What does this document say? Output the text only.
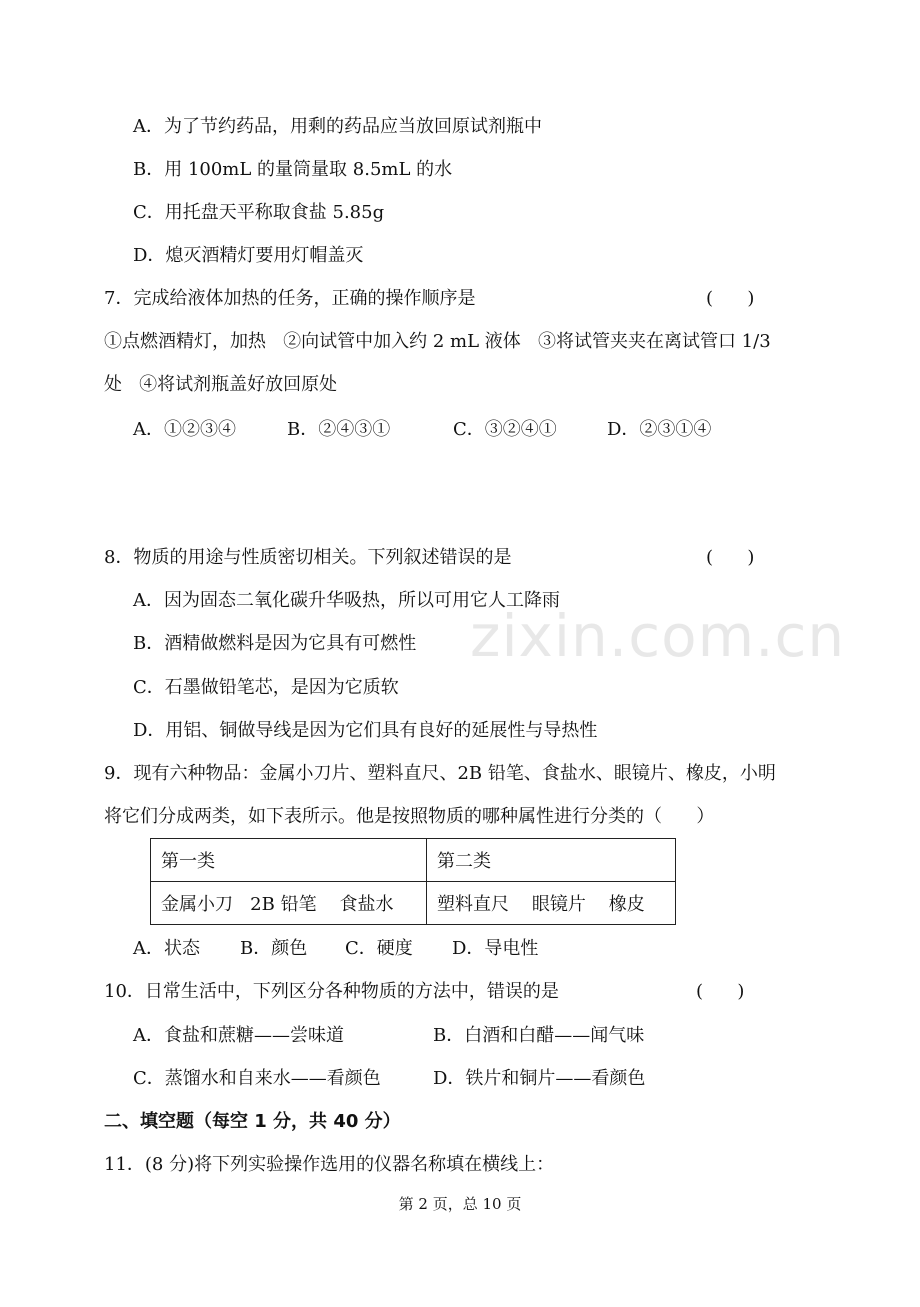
A．为了节约药品，用剩的药品应当放回原试剂瓶中
B．用 100mL 的量筒量取 8.5mL 的水
C．用托盘天平称取食盐 5.85g
D．熄灭酒精灯要用灯帽盖灭
7．完成给液体加热的任务，正确的操作顺序是	(      )
①点燃酒精灯，加热   ②向试管中加入约 2 mL 液体   ③将试管夹夹在离试管口 1/3
处   ④将试剂瓶盖好放回原处
A．①②③④	B．②④③①	C．③②④①	D．②③①④
8．物质的用途与性质密切相关。下列叙述错误的是	(      )
A．因为固态二氧化碳升华吸热，所以可用它人工降雨
B．酒精做燃料是因为它具有可燃性
C．石墨做铅笔芯，是因为它质软
D．用铝、铜做导线是因为它们具有良好的延展性与导热性
zixin.com.cn
9．现有六种物品：金属小刀片、塑料直尺、2B 铅笔、食盐水、眼镜片、橡皮，小明
将它们分成两类，如下表所示。他是按照物质的哪种属性进行分类的（      ）
第一类	第二类
金属小刀   2B 铅笔    食盐水	塑料直尺    眼镜片    橡皮
A．状态 B．颜色 C．硬度 D．导电性
10．日常生活中，下列区分各种物质的方法中，错误的是	(      )
A．食盐和蔗糖——尝味道	B．白酒和白醋——闻气味
C．蒸馏水和自来水——看颜色	D．铁片和铜片——看颜色
二、填空题（每空 1 分，共 40 分）
11．(8 分)将下列实验操作选用的仪器名称填在横线上：
第 2 页，总 10 页
